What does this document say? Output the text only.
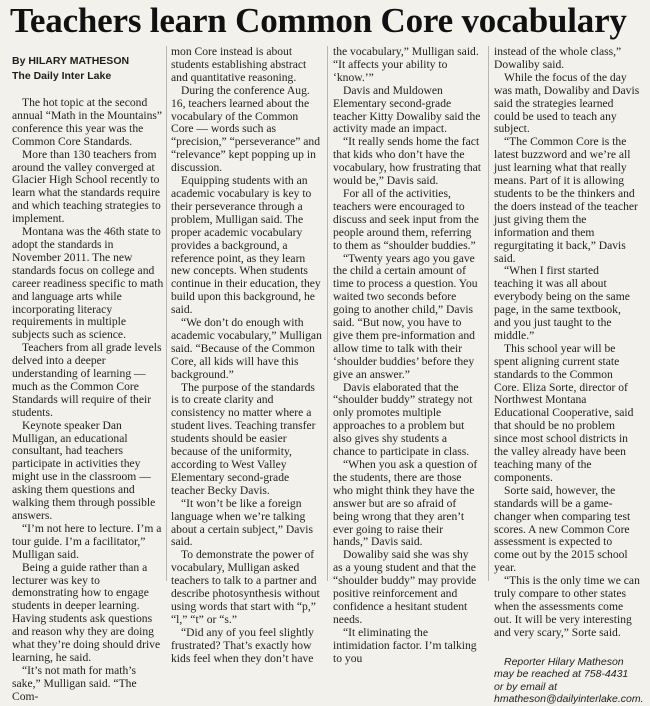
Teachers learn Common Core vocabulary
By HILARY MATHESON
The Daily Inter Lake

The hot topic at the second annual “Math in the Mountains” conference this year was the Common Core Standards.

More than 130 teachers from around the valley converged at Glacier High School recently to learn what the standards require and which teaching strategies to implement.

Montana was the 46th state to adopt the standards in November 2011. The new standards focus on college and career readiness specific to math and language arts while incorporating literacy requirements in multiple subjects such as science.

Teachers from all grade levels delved into a deeper understanding of learning — much as the Common Core Standards will require of their students.

Keynote speaker Dan Mulligan, an educational consultant, had teachers participate in activities they might use in the classroom — asking them questions and walking them through possible answers.

“I’m not here to lecture. I’m a tour guide. I’m a facilitator,” Mulligan said.

Being a guide rather than a lecturer was key to demonstrating how to engage students in deeper learning. Having students ask questions and reason why they are doing what they’re doing should drive learning, he said.

“It’s not math for math’s sake,” Mulligan said. “The Com-

mon Core instead is about students establishing abstract and quantitative reasoning.

During the conference Aug. 16, teachers learned about the vocabulary of the Common Core — words such as “precision,” “perseverance” and “relevance” kept popping up in discussion.

Equipping students with an academic vocabulary is key to their perseverance through a problem, Mulligan said. The proper academic vocabulary provides a background, a reference point, as they learn new concepts. When students continue in their education, they build upon this background, he said.

“We don’t do enough with academic vocabulary,” Mulligan said. “Because of the Common Core, all kids will have this background.”

The purpose of the standards is to create clarity and consistency no matter where a student lives. Teaching transfer students should be easier because of the uniformity, according to West Valley Elementary second-grade teacher Becky Davis.

“It won’t be like a foreign language when we’re talking about a certain subject,” Davis said.

To demonstrate the power of vocabulary, Mulligan asked teachers to talk to a partner and describe photosynthesis without using words that start with “p,” “l,” “t” or “s.”

“Did any of you feel slightly frustrated? That’s exactly how kids feel when they don’t have

the vocabulary,” Mulligan said. “It affects your ability to ‘know.’”

Davis and Muldowen Elementary second-grade teacher Kitty Dowaliby said the activity made an impact.

“It really sends home the fact that kids who don’t have the vocabulary, how frustrating that would be,” Davis said.

For all of the activities, teachers were encouraged to discuss and seek input from the people around them, referring to them as “shoulder buddies.”

“Twenty years ago you gave the child a certain amount of time to process a question. You waited two seconds before going to another child,” Davis said. “But now, you have to give them pre-information and allow time to talk with their ‘shoulder buddies’ before they give an answer.”

Davis elaborated that the “shoulder buddy” strategy not only promotes multiple approaches to a problem but also gives shy students a chance to participate in class.

“When you ask a question of the students, there are those who might think they have the answer but are so afraid of being wrong that they aren’t ever going to raise their hands,” Davis said.

Dowaliby said she was shy as a young student and that the “shoulder buddy” may provide positive reinforcement and confidence a hesitant student needs.

“It eliminating the intimidation factor. I’m talking to you

instead of the whole class,” Dowaliby said.

While the focus of the day was math, Dowaliby and Davis said the strategies learned could be used to teach any subject.

“The Common Core is the latest buzzword and we’re all just learning what that really means. Part of it is allowing students to be the thinkers and the doers instead of the teacher just giving them the information and them regurgitating it back,” Davis said.

“When I first started teaching it was all about everybody being on the same page, in the same textbook, and you just taught to the middle.”

This school year will be spent aligning current state standards to the Common Core. Eliza Sorte, director of Northwest Montana Educational Cooperative, said that should be no problem since most school districts in the valley already have been teaching many of the components.

Sorte said, however, the standards will be a game-changer when comparing test scores. A new Common Core assessment is expected to come out by the 2015 school year.

“This is the only time we can truly compare to other states when the assessments come out. It will be very interesting and very scary,” Sorte said.

Reporter Hilary Matheson may be reached at 758-4431 or by email at hmatheson@dailyinterlake.com.
